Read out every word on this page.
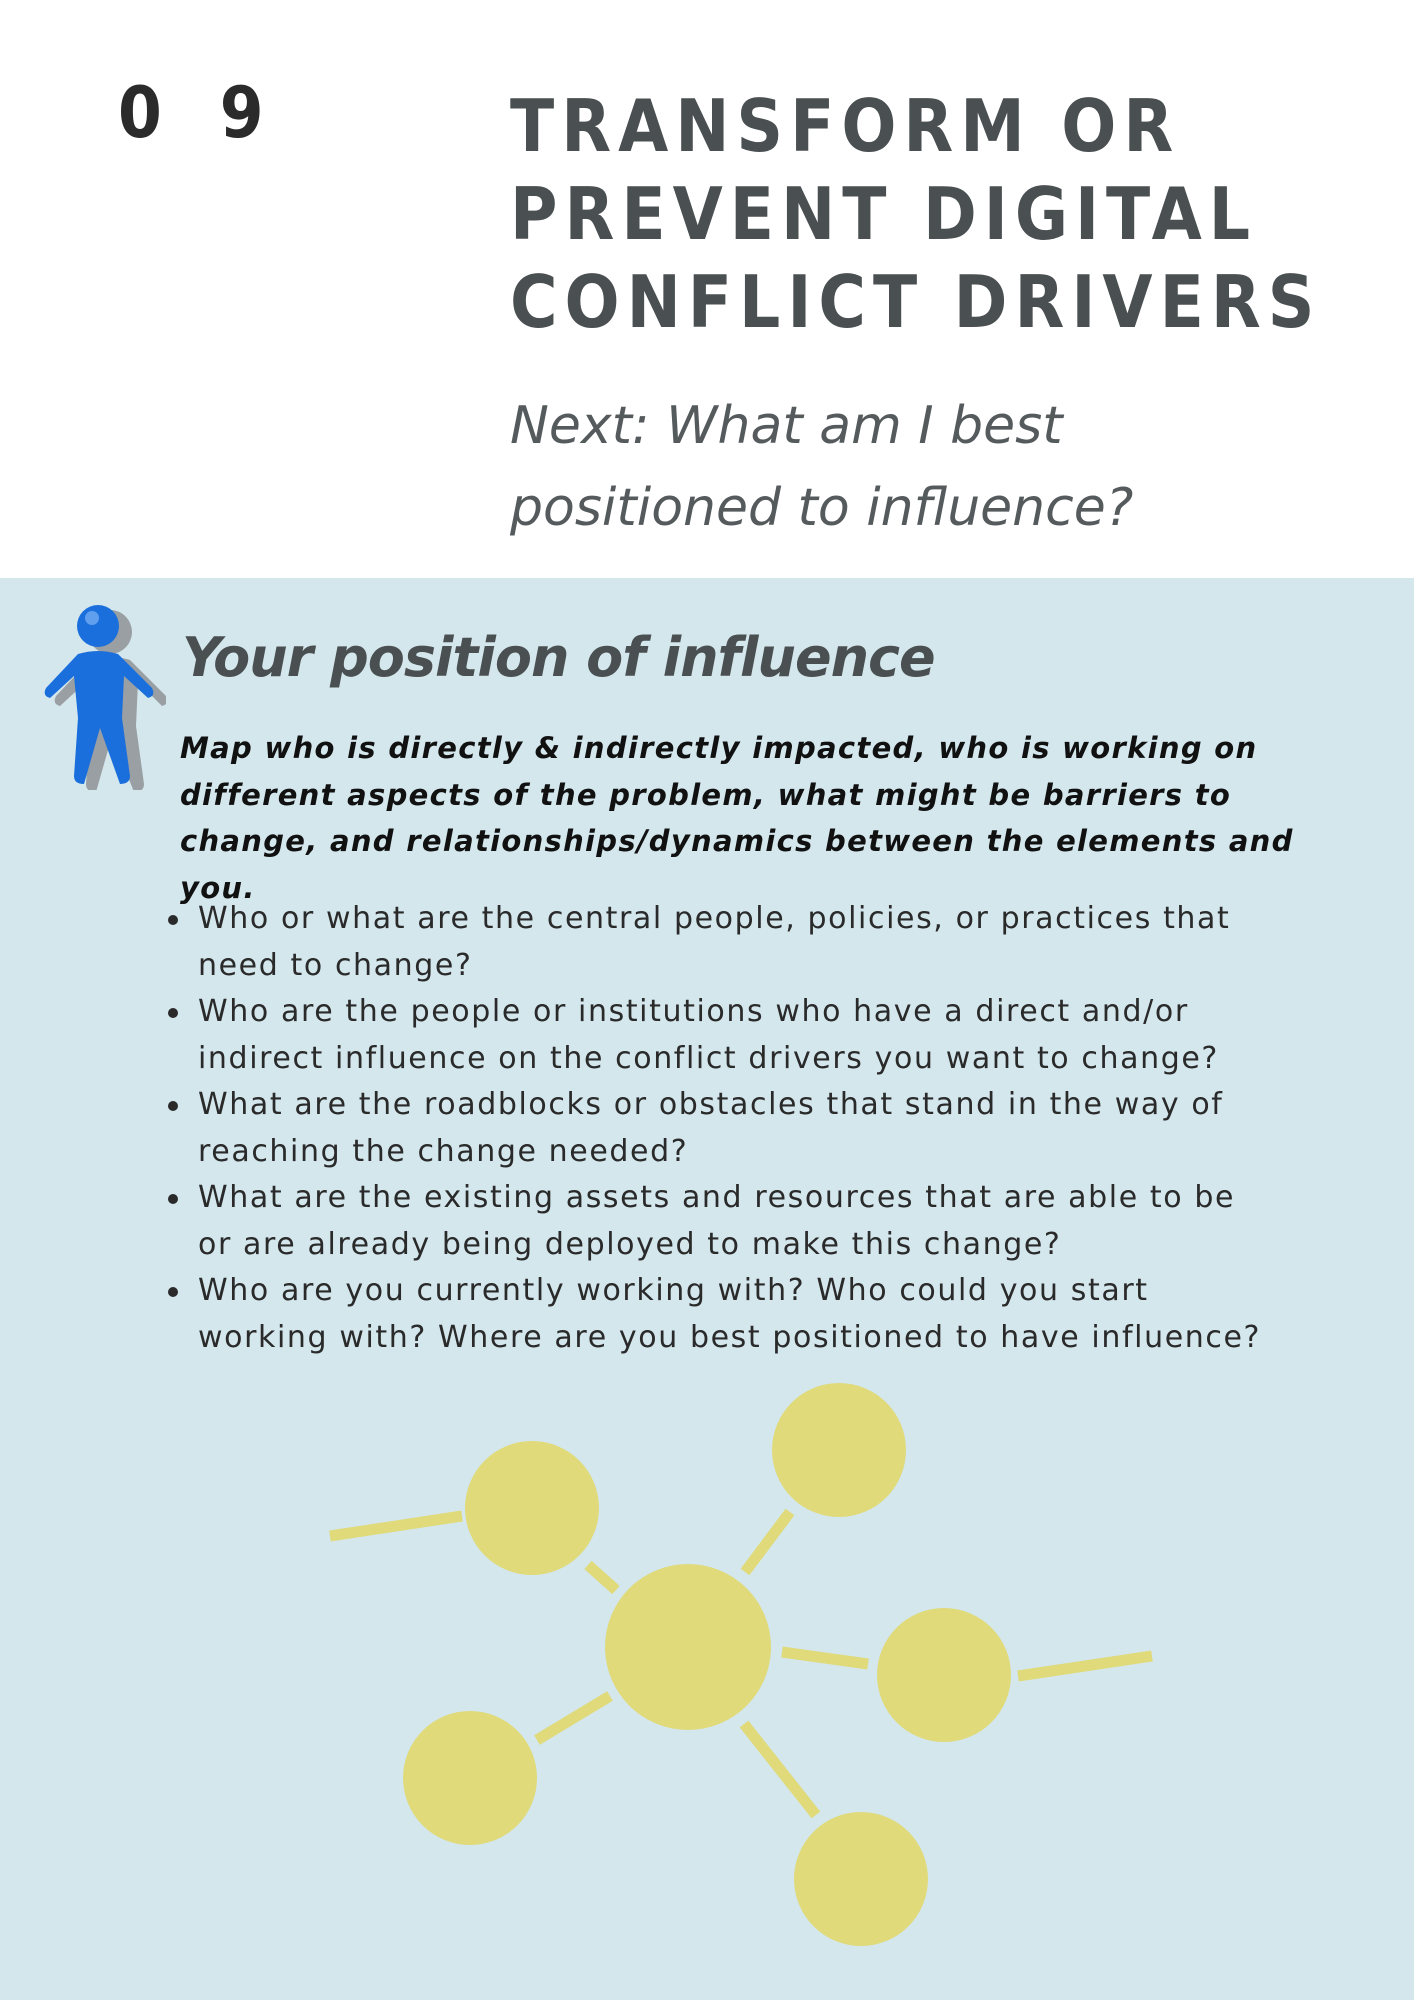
0 9	TRANSFORM OR PREVENT DIGITAL CONFLICT DRIVERS

Next: What am I best positioned to influence?

Your position of influence

Map who is directly & indirectly impacted, who is working on different aspects of the problem, what might be barriers to change, and relationships/dynamics between the elements and you.

Who or what are the central people, policies, or practices that need to change?
Who are the people or institutions who have a direct and/or indirect influence on the conflict drivers you want to change?
What are the roadblocks or obstacles that stand in the way of reaching the change needed?
What are the existing assets and resources that are able to be or are already being deployed to make this change?
Who are you currently working with? Who could you start working with? Where are you best positioned to have influence?
